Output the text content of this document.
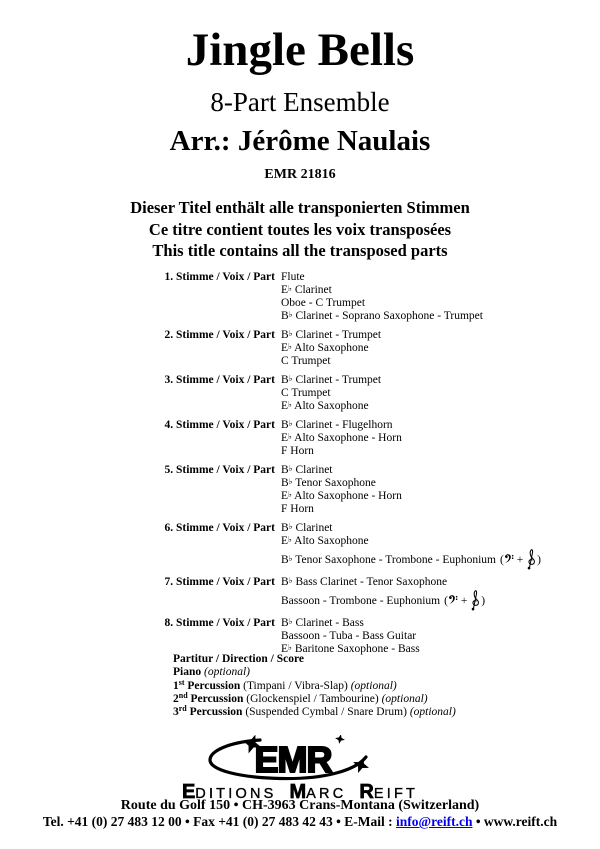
Jingle Bells
8-Part Ensemble
Arr.: Jérôme Naulais
EMR 21816
Dieser Titel enthält alle transponierten Stimmen
Ce titre contient toutes les voix transposées
This title contains all the transposed parts
1. Stimme / Voix / Part Flute
E♭ Clarinet
Oboe - C Trumpet
B♭ Clarinet - Soprano Saxophone - Trumpet
2. Stimme / Voix / Part B♭ Clarinet - Trumpet
E♭ Alto Saxophone
C Trumpet
3. Stimme / Voix / Part B♭ Clarinet - Trumpet
C Trumpet
E♭ Alto Saxophone
4. Stimme / Voix / Part B♭ Clarinet - Flugelhorn
E♭ Alto Saxophone - Horn
F Horn
5. Stimme / Voix / Part B♭ Clarinet
B♭ Tenor Saxophone
E♭ Alto Saxophone - Horn
F Horn
6. Stimme / Voix / Part B♭ Clarinet
E♭ Alto Saxophone
B♭ Tenor Saxophone - Trombone - Euphonium ( + )
7. Stimme / Voix / Part B♭ Bass Clarinet - Tenor Saxophone
Bassoon - Trombone - Euphonium ( + )
8. Stimme / Voix / Part B♭ Clarinet - Bass
Bassoon - Tuba - Bass Guitar
E♭ Baritone Saxophone - Bass
Partitur / Direction / Score
Piano (optional)
1st Percussion (Timpani / Vibra-Slap) (optional)
2nd Percussion (Glockenspiel / Tambourine) (optional)
3rd Percussion (Suspended Cymbal / Snare Drum) (optional)
EMR
EDITIONS MARC REIFT
Route du Golf 150 • CH-3963 Crans-Montana (Switzerland)
Tel. +41 (0) 27 483 12 00 • Fax +41 (0) 27 483 42 43 • E-Mail : info@reift.ch • www.reift.ch
